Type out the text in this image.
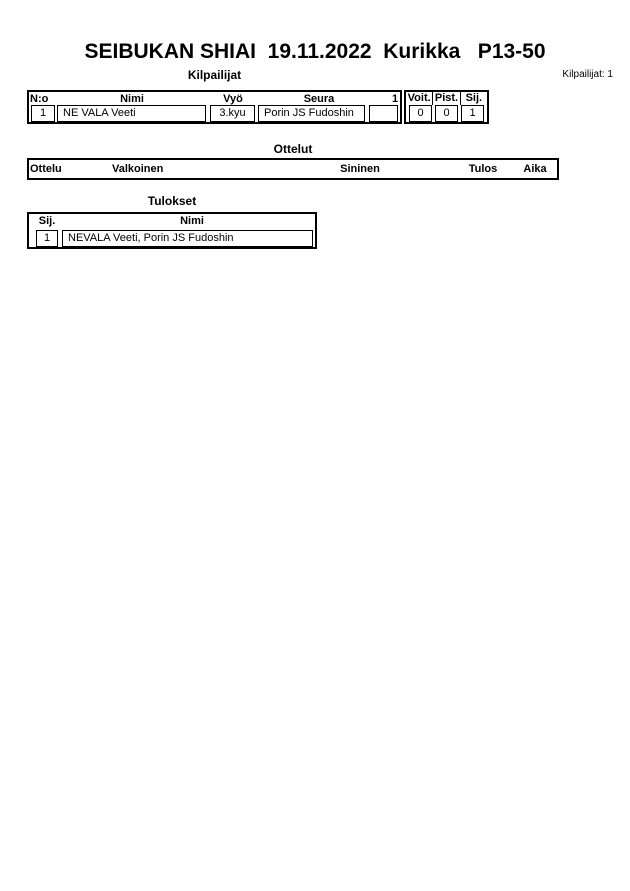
SEIBUKAN SHIAI  19.11.2022  Kurikka   P13-50
Kilpailijat	Kilpailijat: 1
N:o	Nimi	Vyö	Seura	1
1	NE VALA Veeti	3.kyu	Porin JS Fudoshin
Voit. Pist. Sij.
0	0	1
Ottelut
Ottelu	Valkoinen	Sininen	Tulos Aika
Tulokset
Sij.	Nimi
1	NEVALA Veeti, Porin JS Fudoshin
